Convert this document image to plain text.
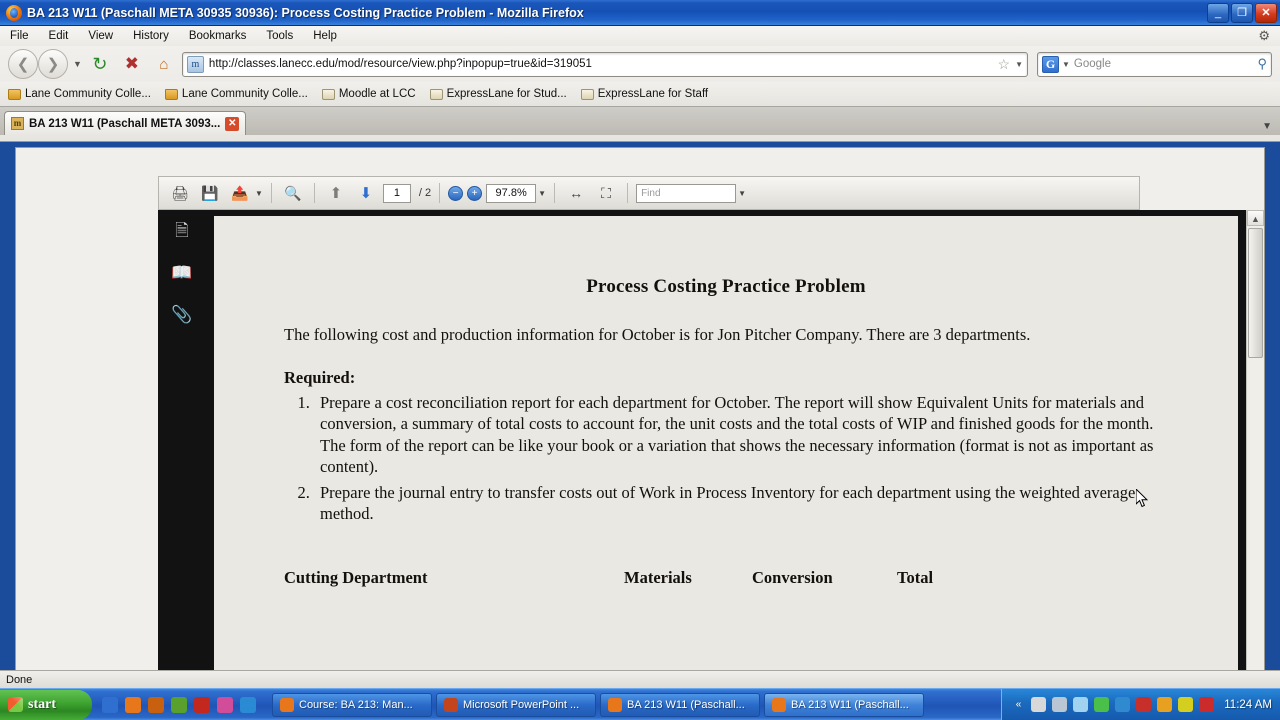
BA 213 W11 (Paschall META 30935 30936): Process Costing Practice Problem - Mozilla Firefox	_	❐	✕
File Edit View History Bookmarks Tools Help	⚙
❮	❯	▼ ↻	✖	⌂	m http://classes.lanecc.edu/mod/resource/view.php?inpopup=true&id=319051	☆ ▼	G ▼ Google	⚲
Lane Community Colle...	Lane Community Colle...	Moodle at LCC	ExpressLane for Stud...	ExpressLane for Staff
m BA 213 W11 (Paschall META 3093... ✕	▼
🖨 💾 📤 ▼	🔍	⬆	⬇	1	/ 2	−	+	97.8%	▼	↔	⛶	Find	▼
🗎
📖
📎
Process Costing Practice Problem

The following cost and production information for October is for Jon Pitcher Company. There are 3 departments.

Required:
1. Prepare a cost reconciliation report for each department for October. The report will show Equivalent Units for materials and conversion, a summary of total costs to account for, the unit costs and the total costs of WIP and finished goods for the month. The form of the report can be like your book or a variation that shows the necessary information (format is not as important as content).
2. Prepare the journal entry to transfer costs out of Work in Process Inventory for each department using the weighted average method.
Cutting Department	Materials	Conversion	Total
▲
Done
start	Course: BA 213: Man...	Microsoft PowerPoint ...	BA 213 W11 (Paschall...	BA 213 W11 (Paschall...	«	11:24 AM
